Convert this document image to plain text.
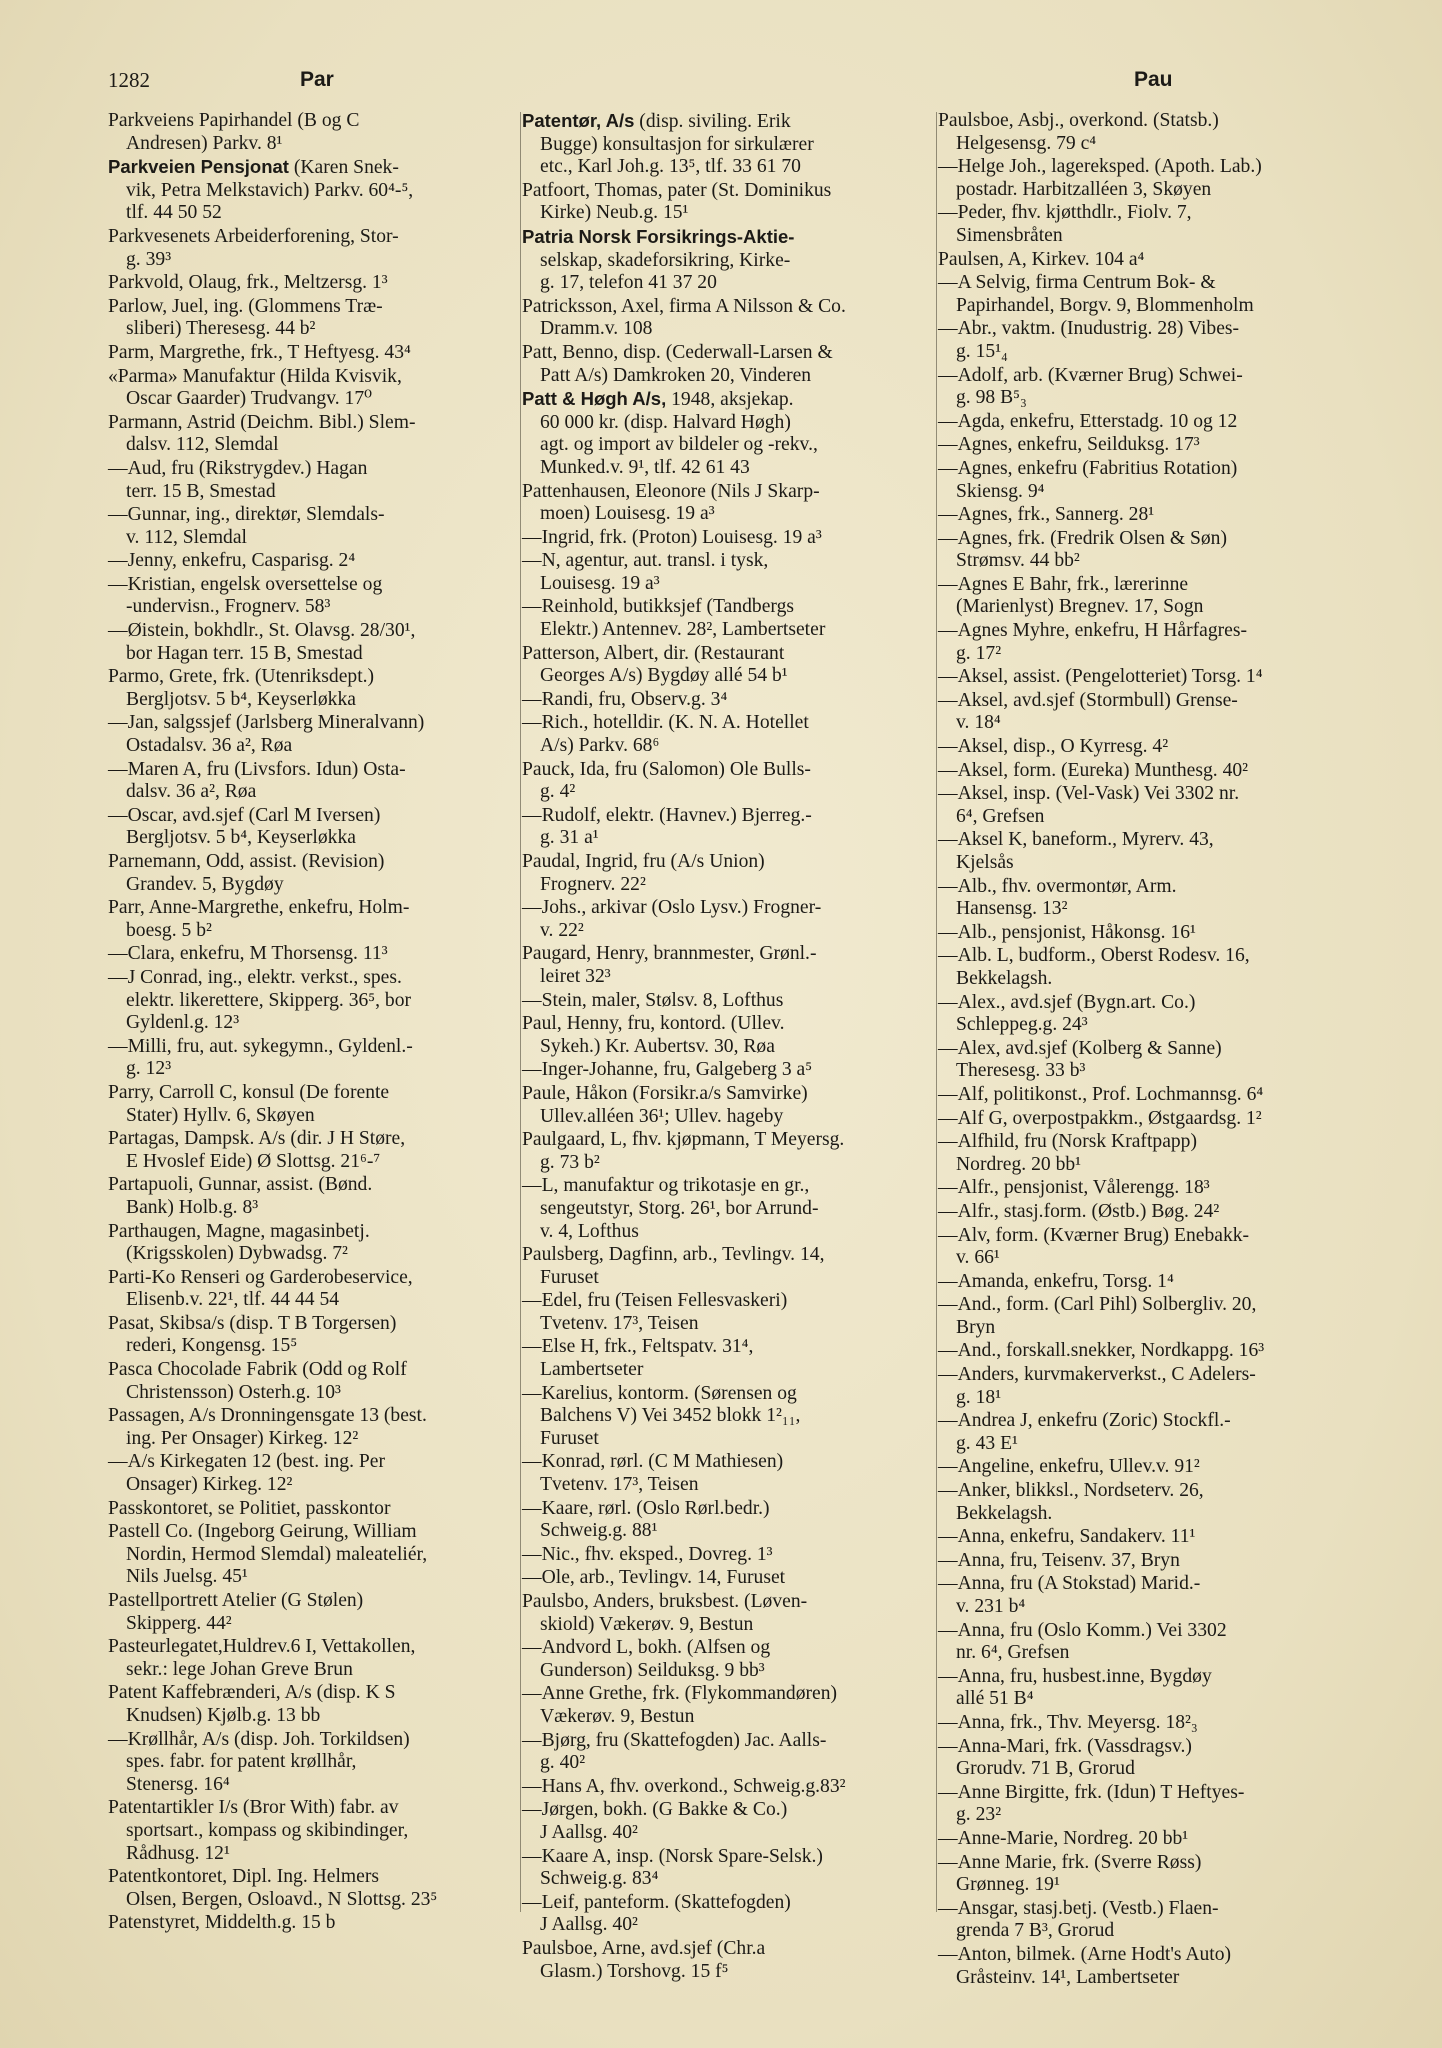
1282	Par	Pau
Parkveiens Papirhandel (B og C
Andresen) Parkv. 8¹
Parkveien Pensjonat (Karen Snek-
vik, Petra Melkstavich) Parkv. 60⁴-⁵,
tlf. 44 50 52
Parkvesenets Arbeiderforening, Stor-
g. 39³
Parkvold, Olaug, frk., Meltzersg. 1³
Parlow, Juel, ing. (Glommens Træ-
sliberi) Theresesg. 44 b²
Parm, Margrethe, frk., T Heftyesg. 43⁴
«Parma» Manufaktur (Hilda Kvisvik,
Oscar Gaarder) Trudvangv. 17⁰
Parmann, Astrid (Deichm. Bibl.) Slem-
dalsv. 112, Slemdal
—Aud, fru (Rikstrygdev.) Hagan
terr. 15 B, Smestad
—Gunnar, ing., direktør, Slemdals-
v. 112, Slemdal
—Jenny, enkefru, Casparisg. 2⁴
—Kristian, engelsk oversettelse og
-undervisn., Frognerv. 58³
—Øistein, bokhdlr., St. Olavsg. 28/30¹,
bor Hagan terr. 15 B, Smestad
Parmo, Grete, frk. (Utenriksdept.)
Bergljotsv. 5 b⁴, Keyserløkka
—Jan, salgssjef (Jarlsberg Mineralvann)
Ostadalsv. 36 a², Røa
—Maren A, fru (Livsfors. Idun) Osta-
dalsv. 36 a², Røa
—Oscar, avd.sjef (Carl M Iversen)
Bergljotsv. 5 b⁴, Keyserløkka
Parnemann, Odd, assist. (Revision)
Grandev. 5, Bygdøy
Parr, Anne-Margrethe, enkefru, Holm-
boesg. 5 b²
—Clara, enkefru, M Thorsensg. 11³
—J Conrad, ing., elektr. verkst., spes.
elektr. likerettere, Skipperg. 36⁵, bor
Gyldenl.g. 12³
—Milli, fru, aut. sykegymn., Gyldenl.-
g. 12³
Parry, Carroll C, konsul (De forente
Stater) Hyllv. 6, Skøyen
Partagas, Dampsk. A/s (dir. J H Støre,
E Hvoslef Eide) Ø Slottsg. 21⁶-⁷
Partapuoli, Gunnar, assist. (Bønd.
Bank) Holb.g. 8³
Parthaugen, Magne, magasinbetj.
(Krigsskolen) Dybwadsg. 7²
Parti-Ko Renseri og Garderobeservice,
Elisenb.v. 22¹, tlf. 44 44 54
Pasat, Skibsa/s (disp. T B Torgersen)
rederi, Kongensg. 15⁵
Pasca Chocolade Fabrik (Odd og Rolf
Christensson) Osterh.g. 10³
Passagen, A/s Dronningensgate 13 (best.
ing. Per Onsager) Kirkeg. 12²
—A/s Kirkegaten 12 (best. ing. Per
Onsager) Kirkeg. 12²
Passkontoret, se Politiet, passkontor
Pastell Co. (Ingeborg Geirung, William
Nordin, Hermod Slemdal) maleateliér,
Nils Juelsg. 45¹
Pastellportrett Atelier (G Stølen)
Skipperg. 44²
Pasteurlegatet,Huldrev.6 I, Vettakollen,
sekr.: lege Johan Greve Brun
Patent Kaffebrænderi, A/s (disp. K S
Knudsen) Kjølb.g. 13 bb
—Krøllhår, A/s (disp. Joh. Torkildsen)
spes. fabr. for patent krøllhår,
Stenersg. 16⁴
Patentartikler I/s (Bror With) fabr. av
sportsart., kompass og skibindinger,
Rådhusg. 12¹
Patentkontoret, Dipl. Ing. Helmers
Olsen, Bergen, Osloavd., N Slottsg. 23⁵
Patenstyret, Middelth.g. 15 b
Patentør, A/s (disp. siviling. Erik
Bugge) konsultasjon for sirkulærer
etc., Karl Joh.g. 13⁵, tlf. 33 61 70
Patfoort, Thomas, pater (St. Dominikus
Kirke) Neub.g. 15¹
Patria Norsk Forsikrings-Aktie-
selskap, skadeforsikring, Kirke-
g. 17, telefon 41 37 20
Patricksson, Axel, firma A Nilsson & Co.
Dramm.v. 108
Patt, Benno, disp. (Cederwall-Larsen &
Patt A/s) Damkroken 20, Vinderen
Patt & Høgh A/s, 1948, aksjekap.
60 000 kr. (disp. Halvard Høgh)
agt. og import av bildeler og -rekv.,
Munked.v. 9¹, tlf. 42 61 43
Pattenhausen, Eleonore (Nils J Skarp-
moen) Louisesg. 19 a³
—Ingrid, frk. (Proton) Louisesg. 19 a³
—N, agentur, aut. transl. i tysk,
Louisesg. 19 a³
—Reinhold, butikksjef (Tandbergs
Elektr.) Antennev. 28², Lambertseter
Patterson, Albert, dir. (Restaurant
Georges A/s) Bygdøy allé 54 b¹
—Randi, fru, Observ.g. 3⁴
—Rich., hotelldir. (K. N. A. Hotellet
A/s) Parkv. 68⁶
Pauck, Ida, fru (Salomon) Ole Bulls-
g. 4²
—Rudolf, elektr. (Havnev.) Bjerreg.-
g. 31 a¹
Paudal, Ingrid, fru (A/s Union)
Frognerv. 22²
—Johs., arkivar (Oslo Lysv.) Frogner-
v. 22²
Paugard, Henry, brannmester, Grønl.-
leiret 32³
—Stein, maler, Stølsv. 8, Lofthus
Paul, Henny, fru, kontord. (Ullev.
Sykeh.) Kr. Aubertsv. 30, Røa
—Inger-Johanne, fru, Galgeberg 3 a⁵
Paule, Håkon (Forsikr.a/s Samvirke)
Ullev.alléen 36¹; Ullev. hageby
Paulgaard, L, fhv. kjøpmann, T Meyersg.
g. 73 b²
—L, manufaktur og trikotasje en gr.,
sengeutstyr, Storg. 26¹, bor Arrund-
v. 4, Lofthus
Paulsberg, Dagfinn, arb., Tevlingv. 14,
Furuset
—Edel, fru (Teisen Fellesvaskeri)
Tvetenv. 17³, Teisen
—Else H, frk., Feltspatv. 31⁴,
Lambertseter
—Karelius, kontorm. (Sørensen og
Balchens V) Vei 3452 blokk 1²₁₁,
Furuset
—Konrad, rørl. (C M Mathiesen)
Tvetenv. 17³, Teisen
—Kaare, rørl. (Oslo Rørl.bedr.)
Schweig.g. 88¹
—Nic., fhv. eksped., Dovreg. 1³
—Ole, arb., Tevlingv. 14, Furuset
Paulsbo, Anders, bruksbest. (Løven-
skiold) Vækerøv. 9, Bestun
—Andvord L, bokh. (Alfsen og
Gunderson) Seilduksg. 9 bb³
—Anne Grethe, frk. (Flykommandøren)
Vækerøv. 9, Bestun
—Bjørg, fru (Skattefogden) Jac. Aalls-
g. 40²
—Hans A, fhv. overkond., Schweig.g.83²
—Jørgen, bokh. (G Bakke & Co.)
J Aallsg. 40²
—Kaare A, insp. (Norsk Spare-Selsk.)
Schweig.g. 83⁴
—Leif, panteform. (Skattefogden)
J Aallsg. 40²
Paulsboe, Arne, avd.sjef (Chr.a
Glasm.) Torshovg. 15 f⁵
Paulsboe, Asbj., overkond. (Statsb.)
Helgesensg. 79 c⁴
—Helge Joh., lagereksped. (Apoth. Lab.)
postadr. Harbitzalléen 3, Skøyen
—Peder, fhv. kjøtthdlr., Fiolv. 7,
Simensbråten
Paulsen, A, Kirkev. 104 a⁴
—A Selvig, firma Centrum Bok- &
Papirhandel, Borgv. 9, Blommenholm
—Abr., vaktm. (Inudustrig. 28) Vibes-
g. 15¹₄
—Adolf, arb. (Kværner Brug) Schwei-
g. 98 B⁵₃
—Agda, enkefru, Etterstadg. 10 og 12
—Agnes, enkefru, Seilduksg. 17³
—Agnes, enkefru (Fabritius Rotation)
Skiensg. 9⁴
—Agnes, frk., Sannerg. 28¹
—Agnes, frk. (Fredrik Olsen & Søn)
Strømsv. 44 bb²
—Agnes E Bahr, frk., lærerinne
(Marienlyst) Bregnev. 17, Sogn
—Agnes Myhre, enkefru, H Hårfagres-
g. 17²
—Aksel, assist. (Pengelotteriet) Torsg. 1⁴
—Aksel, avd.sjef (Stormbull) Grense-
v. 18⁴
—Aksel, disp., O Kyrresg. 4²
—Aksel, form. (Eureka) Munthesg. 40²
—Aksel, insp. (Vel-Vask) Vei 3302 nr.
6⁴, Grefsen
—Aksel K, baneform., Myrerv. 43,
Kjelsås
—Alb., fhv. overmontør, Arm.
Hansensg. 13²
—Alb., pensjonist, Håkonsg. 16¹
—Alb. L, budform., Oberst Rodesv. 16,
Bekkelagsh.
—Alex., avd.sjef (Bygn.art. Co.)
Schleppeg.g. 24³
—Alex, avd.sjef (Kolberg & Sanne)
Theresesg. 33 b³
—Alf, politikonst., Prof. Lochmannsg. 6⁴
—Alf G, overpostpakkm., Østgaardsg. 1²
—Alfhild, fru (Norsk Kraftpapp)
Nordreg. 20 bb¹
—Alfr., pensjonist, Vålerengg. 18³
—Alfr., stasj.form. (Østb.) Bøg. 24²
—Alv, form. (Kværner Brug) Enebakk-
v. 66¹
—Amanda, enkefru, Torsg. 1⁴
—And., form. (Carl Pihl) Solbergliv. 20,
Bryn
—And., forskall.snekker, Nordkappg. 16³
—Anders, kurvmakerverkst., C Adelers-
g. 18¹
—Andrea J, enkefru (Zoric) Stockfl.-
g. 43 E¹
—Angeline, enkefru, Ullev.v. 91²
—Anker, blikksl., Nordseterv. 26,
Bekkelagsh.
—Anna, enkefru, Sandakerv. 11¹
—Anna, fru, Teisenv. 37, Bryn
—Anna, fru (A Stokstad) Marid.-
v. 231 b⁴
—Anna, fru (Oslo Komm.) Vei 3302
nr. 6⁴, Grefsen
—Anna, fru, husbest.inne, Bygdøy
allé 51 B⁴
—Anna, frk., Thv. Meyersg. 18²₃
—Anna-Mari, frk. (Vassdragsv.)
Grorudv. 71 B, Grorud
—Anne Birgitte, frk. (Idun) T Heftyes-
g. 23²
—Anne-Marie, Nordreg. 20 bb¹
—Anne Marie, frk. (Sverre Røss)
Grønneg. 19¹
—Ansgar, stasj.betj. (Vestb.) Flaen-
grenda 7 B³, Grorud
—Anton, bilmek. (Arne Hodt's Auto)
Gråsteinv. 14¹, Lambertseter
